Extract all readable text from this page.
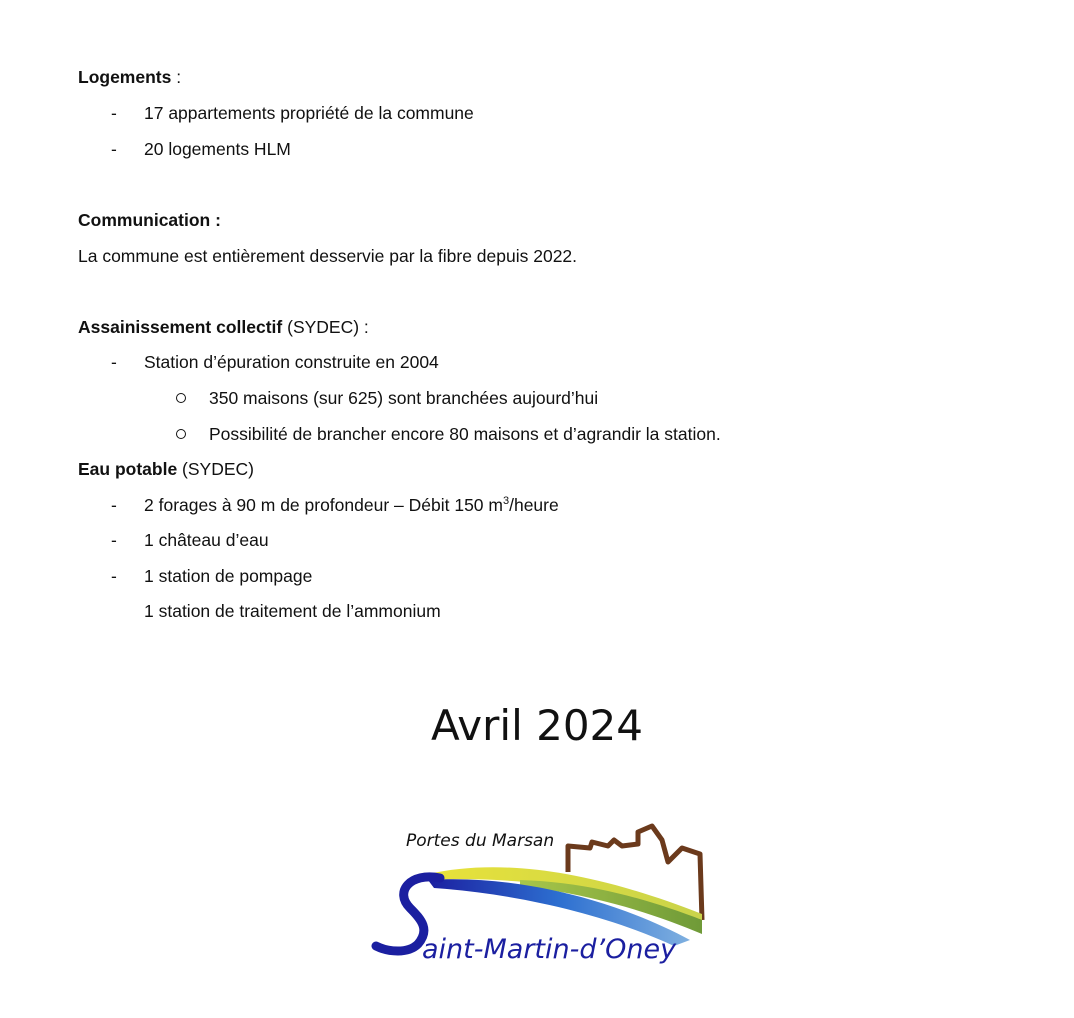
Logements :
- 17 appartements propriété de la commune
- 20 logements HLM
Communication :
La commune est entièrement desservie par la fibre depuis 2022.
Assainissement collectif (SYDEC) :
- Station d’épuration construite en 2004
350 maisons (sur 625) sont branchées aujourd’hui
Possibilité de brancher encore 80 maisons et d’agrandir la station.
Eau potable (SYDEC)
- 2 forages à 90 m de profondeur – Débit 150 $m^3$/heure
- 1 château d’eau
- 1 station de pompage
1 station de traitement de l’ammonium
Avril 2024
Portes du Marsan
aint-Martin-d’Oney
